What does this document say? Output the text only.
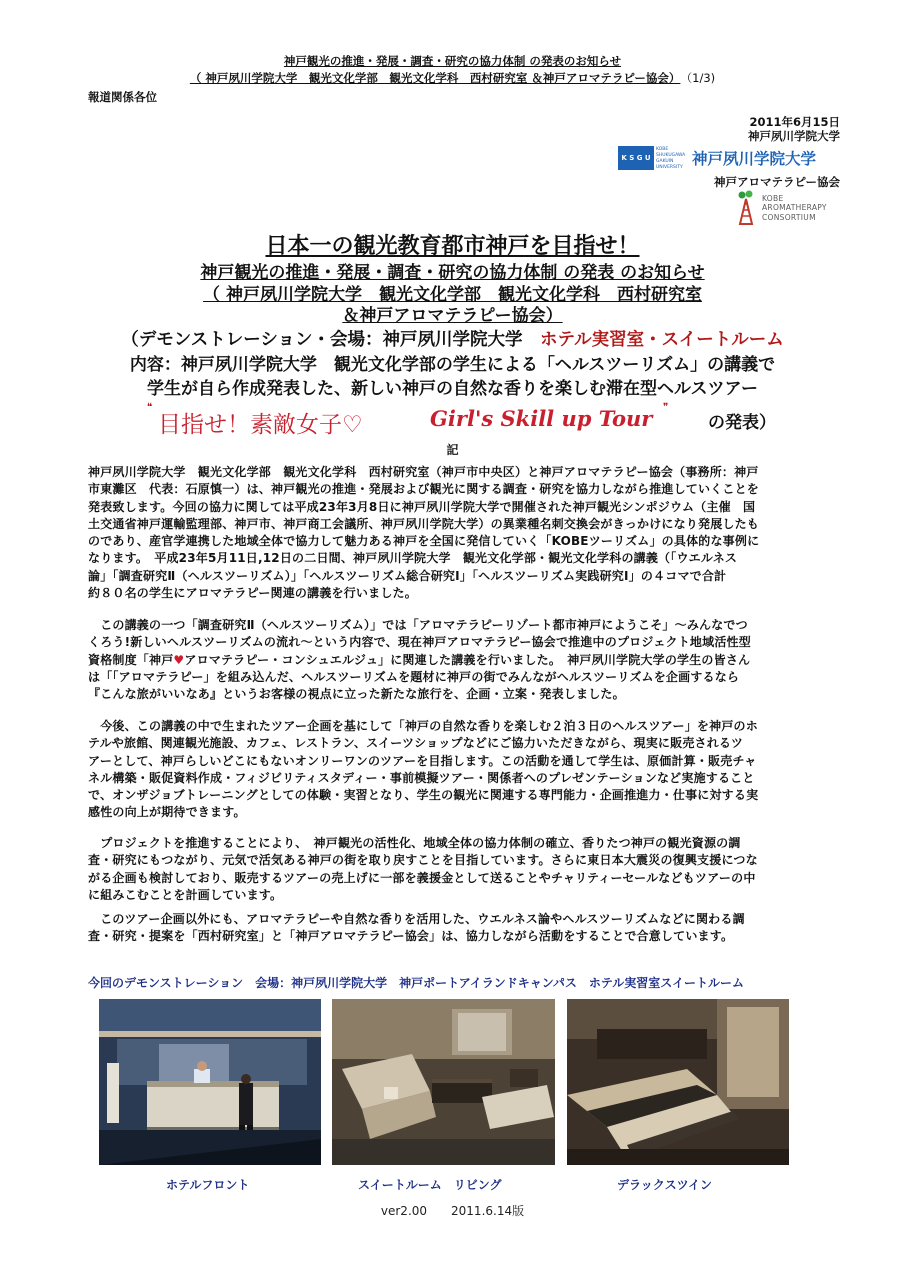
神戸観光の推進・発展・調査・研究の協力体制 の発表のお知らせ
（ 神戸夙川学院大学　観光文化学部　観光文化学科　西村研究室 ＆神戸アロマテラピー協会） （1/3)
報道関係各位
2011年6月15日
神戸夙川学院大学
K S G U
KOBE SHUKUGAWA GAKUIN UNIVERSITY 神戸夙川学院大学
神戸アロマテラピー協会
KOBE AROMATHERAPY CONSORTIUM
日本一の観光教育都市神戸を目指せ！
神戸観光の推進・発展・調査・研究の協力体制 の発表 のお知らせ
（ 神戸夙川学院大学　観光文化学部　観光文化学科　西村研究室
＆神戸アロマテラピー協会）
（デモンストレーション・会場：神戸夙川学院大学　ホテル実習室・スイートルーム
内容：神戸夙川学院大学　観光文化学部の学生による「ヘルスツーリズム」の講義で
学生が自ら作成発表した、新しい神戸の自然な香りを楽しむ滞在型ヘルスツアー
❝
目指せ！素敵女子♡	Girl's Skill up Tour ❞
の発表）
記
神戸夙川学院大学　観光文化学部　観光文化学科　西村研究室（神戸市中央区）と神戸アロマテラピー協会（事務所：神戸
市東灘区　代表：石原慎一）は、神戸観光の推進・発展および観光に関する調査・研究を協力しながら推進していくことを
発表致します。今回の協力に関しては平成23年3月8日に神戸夙川学院大学で開催された神戸観光シンポジウム（主催　国
土交通省神戸運輸監理部、神戸市、神戸商工会議所、神戸夙川学院大学）の異業種名刺交換会がきっかけになり発展したも
のであり、産官学連携した地域全体で協力して魅力ある神戸を全国に発信していく「KOBEツーリズム」の具体的な事例に
なります。　平成23年5月11日,12日の二日間、神戸夙川学院大学　観光文化学部・観光文化学科の講義（「ウエルネス
論」「調査研究Ⅱ（ヘルスツーリズム）」「ヘルスツーリズム総合研究Ⅰ」「ヘルスツーリズム実践研究Ⅰ」の４コマで合計
約８０名の学生にアロマテラピー関連の講義を行いました。
　この講義の一つ「調査研究Ⅱ（ヘルスツーリズム）」では「アロマテラピーリゾート都市神戸にようこそ」～みんなでつ
くろう!新しいヘルスツーリズムの流れ～という内容で、現在神戸アロマテラピー協会で推進中のプロジェクト地域活性型
資格制度「神戸♥アロマテラピー・コンシュエルジュ」に関連した講義を行いました。　神戸夙川学院大学の学生の皆さん
は「「アロマテラピー」を組み込んだ、ヘルスツーリズムを題材に神戸の街でみんながヘルスツーリズムを企画するなら
『こんな旅がいいなあ』というお客様の視点に立った新たな旅行を、企画・立案・発表しました。
　今後、この講義の中で生まれたツアー企画を基にして「神戸の自然な香りを楽しむ２泊３日のヘルスツアー」を神戸のホ
テルや旅館、関連観光施設、カフェ、レストラン、スイーツショップなどにご協力いただきながら、現実に販売されるツ
アーとして、神戸らしいどこにもないオンリーワンのツアーを目指します。この活動を通して学生は、原価計算・販売チャ
ネル構築・販促資料作成・フィジビリティスタディー・事前模擬ツアー・関係者へのプレゼンテーションなど実施すること
で、オンザジョブトレーニングとしての体験・実習となり、学生の観光に関連する専門能力・企画推進力・仕事に対する実
感性の向上が期待できます。
　プロジェクトを推進することにより、　神戸観光の活性化、地域全体の協力体制の確立、香りたつ神戸の観光資源の調
査・研究にもつながり、元気で活気ある神戸の街を取り戻すことを目指しています。さらに東日本大震災の復興支援につな
がる企画も検討しており、販売するツアーの売上げに一部を義援金として送ることやチャリティーセールなどもツアーの中
に組みこむことを計画しています。
　このツアー企画以外にも、アロマテラピーや自然な香りを活用した、ウエルネス論やヘルスツーリズムなどに関わる調
査・研究・提案を「西村研究室」と「神戸アロマテラピー協会」は、協力しながら活動をすることで合意しています。
今回のデモンストレーション　会場：神戸夙川学院大学　神戸ポートアイランドキャンパス　ホテル実習室スイートルーム
ホテルフロント	スイートルーム　リビング	デラックスツイン
ver2.00　　2011.6.14版
